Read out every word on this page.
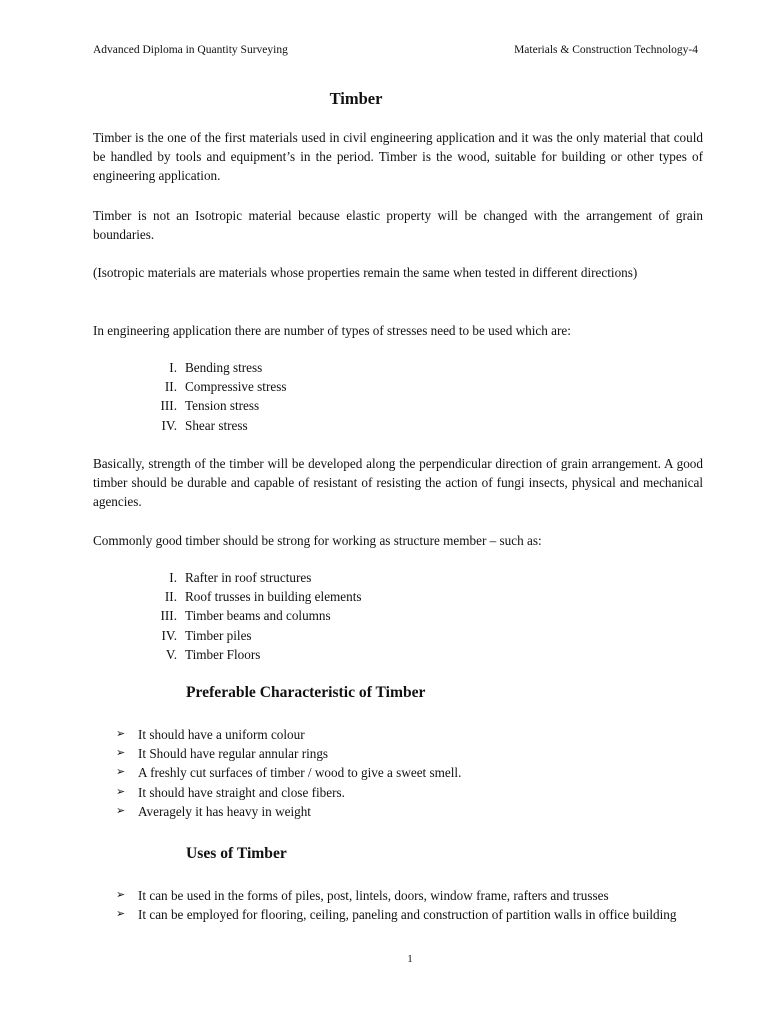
Advanced Diploma in Quantity Surveying	Materials & Construction Technology-4
Timber

Timber is the one of the first materials used in civil engineering application and it was the only material that could be handled by tools and equipment’s in the period. Timber is the wood, suitable for building or other types of engineering application.

Timber is not an Isotropic material because elastic property will be changed with the arrangement of grain boundaries.

(Isotropic materials are materials whose properties remain the same when tested in different directions)

In engineering application there are number of types of stresses need to be used which are:

I. Bending stress
II. Compressive stress
III. Tension stress
IV. Shear stress

Basically, strength of the timber will be developed along the perpendicular direction of grain arrangement. A good timber should be durable and capable of resistant of resisting the action of fungi insects, physical and mechanical agencies.

Commonly good timber should be strong for working as structure member – such as:

I. Rafter in roof structures
II. Roof trusses in building elements
III. Timber beams and columns
IV. Timber piles
V. Timber Floors
Preferable Characteristic of Timber
➢ It should have a uniform colour
➢ It Should have regular annular rings
➢ A freshly cut surfaces of timber / wood to give a sweet smell.
➢ It should have straight and close fibers.
➢ Averagely it has heavy in weight
Uses of Timber
➢ It can be used in the forms of piles, post, lintels, doors, window frame, rafters and trusses
➢ It can be employed for flooring, ceiling, paneling and construction of partition walls in office building
1
